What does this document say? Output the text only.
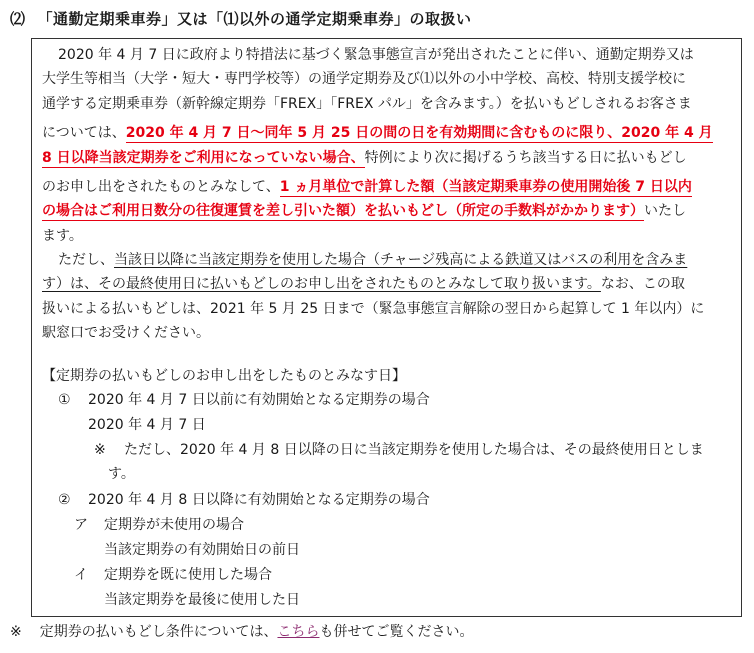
⑵ 「通勤定期乗車券」又は「⑴以外の通学定期乗車券」の取扱い
2020 年 4 月 7 日に政府より特措法に基づく緊急事態宣言が発出されたことに伴い、通勤定期券又は
大学生等相当（大学・短大・専門学校等）の通学定期券及び⑴以外の小中学校、高校、特別支援学校に
通学する定期乗車券（新幹線定期券「FREX」「FREX パル」を含みます。）を払いもどしされるお客さま
については、2020 年 4 月 7 日～同年 5 月 25 日の間の日を有効期間に含むものに限り、2020 年 4 月
8 日以降当該定期券をご利用になっていない場合、特例により次に掲げるうち該当する日に払いもどし
のお申し出をされたものとみなして、1 ヵ月単位で計算した額（当該定期乗車券の使用開始後 7 日以内
の場合はご利用日数分の往復運賃を差し引いた額）を払いもどし（所定の手数料がかかります）いたし
ます。
ただし、当該日以降に当該定期券を使用した場合（チャージ残高による鉄道又はバスの利用を含みま
す）は、その最終使用日に払いもどしのお申し出をされたものとみなして取り扱います。なお、この取
扱いによる払いもどしは、2021 年 5 月 25 日まで（緊急事態宣言解除の翌日から起算して 1 年以内）に
駅窓口でお受けください。
【定期券の払いもどしのお申し出をしたものとみなす日】
① 2020 年 4 月 7 日以前に有効開始となる定期券の場合
2020 年 4 月 7 日
※ ただし、2020 年 4 月 8 日以降の日に当該定期券を使用した場合は、その最終使用日としま
す。
② 2020 年 4 月 8 日以降に有効開始となる定期券の場合
ア 定期券が未使用の場合
当該定期券の有効開始日の前日
イ 定期券を既に使用した場合
当該定期券を最後に使用した日
※ 定期券の払いもどし条件については、こちらも併せてご覧ください。
